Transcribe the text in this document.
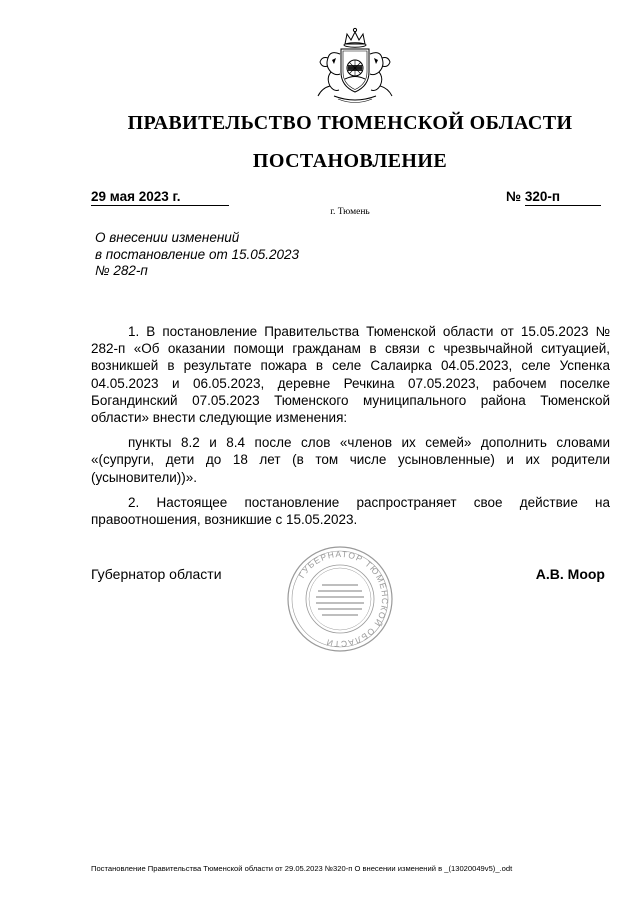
ПРАВИТЕЛЬСТВО ТЮМЕНСКОЙ ОБЛАСТИ
ПОСТАНОВЛЕНИЕ
29 мая 2023 г.	№ 320-п
г. Тюмень
О внесении изменений
в постановление от 15.05.2023
№ 282-п

1. В постановление Правительства Тюменской области от 15.05.2023 № 282-п «Об оказании помощи гражданам в связи с чрезвычайной ситуацией, возникшей в результате пожара в селе Салаирка 04.05.2023, селе Успенка 04.05.2023 и 06.05.2023, деревне Речкина 07.05.2023, рабочем поселке Богандинский 07.05.2023 Тюменского муниципального района Тюменской области» внести следующие изменения:

пункты 8.2 и 8.4 после слов «членов их семей» дополнить словами «(супруги, дети до 18 лет (в том числе усыновленные) и их родители (усыновители))».

2. Настоящее постановление распространяет свое действие на правоотношения, возникшие с 15.05.2023.

ГУБЕРНАТОР ТЮМЕНСКОЙ ОБЛАСТИ
Губернатор области	А.В. Моор
Постановление Правительства Тюменской области от 29.05.2023 №320-п О внесении изменений в _(13020049v5)_.odt
